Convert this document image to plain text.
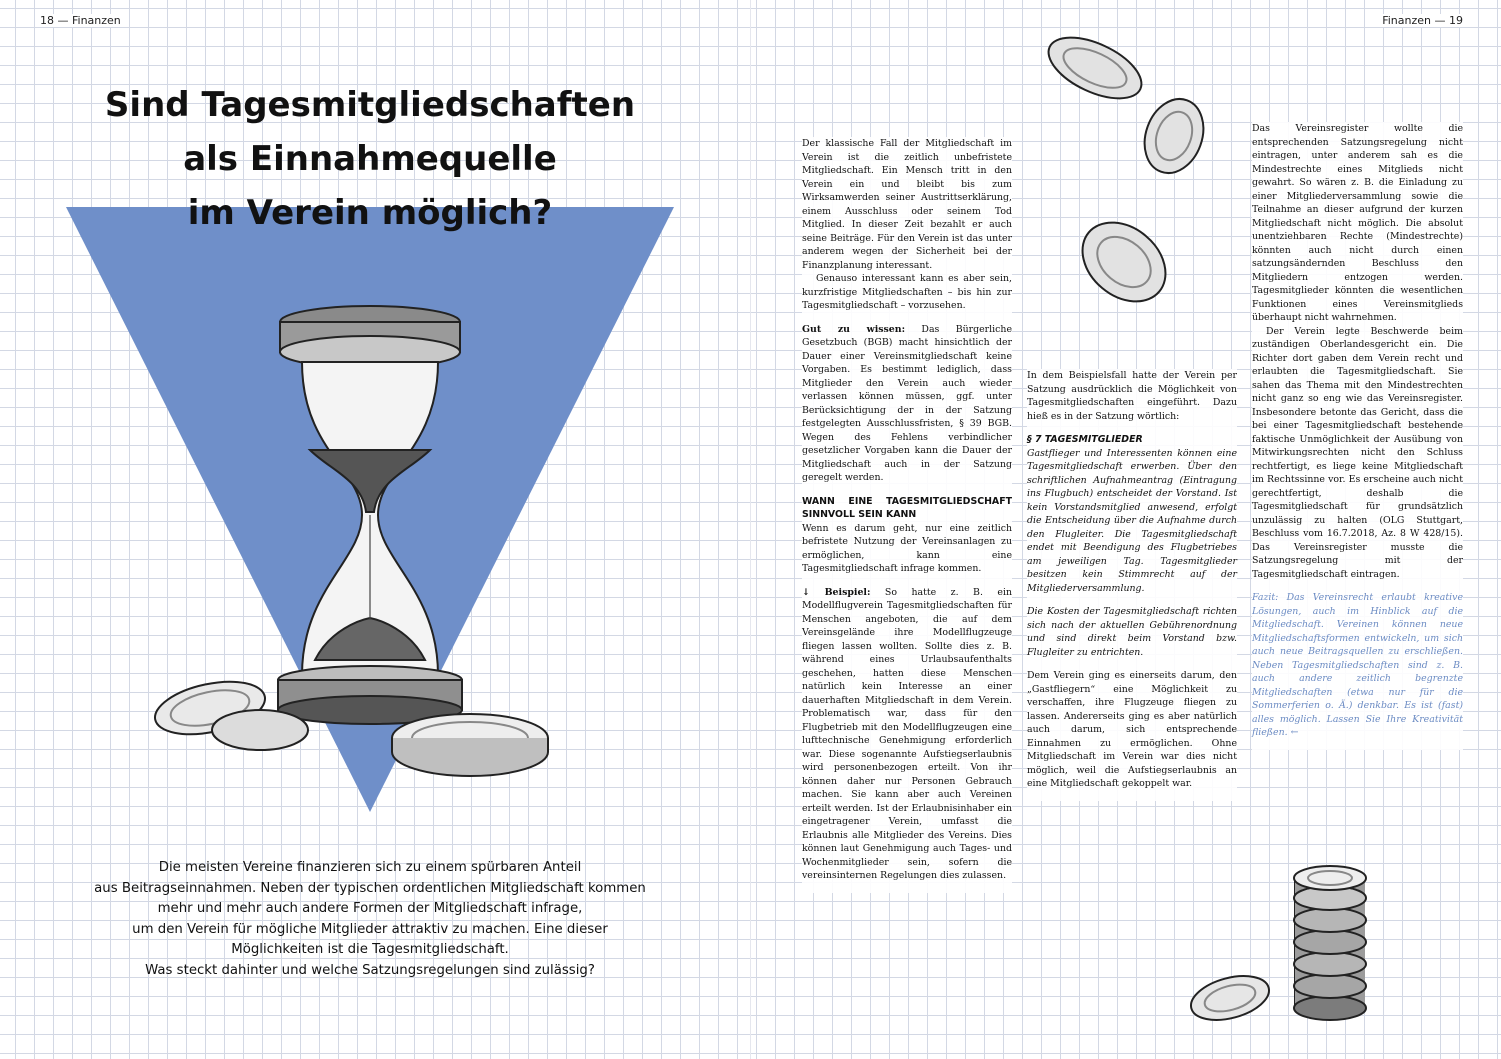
18 — Finanzen	Finanzen — 19
Sind Tagesmitgliedschaften
als Einnahmequelle
im Verein möglich?
Die meisten Vereine finanzieren sich zu einem spürbaren Anteil
aus Beitragseinnahmen. Neben der typischen ordentlichen Mitgliedschaft kommen
mehr und mehr auch andere Formen der Mitgliedschaft infrage,
um den Verein für mögliche Mitglieder attraktiv zu machen. Eine dieser
Möglichkeiten ist die Tagesmitgliedschaft.
Was steckt dahinter und welche Satzungsregelungen sind zulässig?

Der klassische Fall der Mitgliedschaft im Verein ist die zeitlich unbefristete Mitgliedschaft. Ein Mensch tritt in den Verein ein und bleibt bis zum Wirksamwerden seiner Austrittserklärung, einem Ausschluss oder seinem Tod Mitglied. In dieser Zeit bezahlt er auch seine Beiträge. Für den Verein ist das unter anderem wegen der Sicherheit bei der Finanzplanung interessant.

Genauso interessant kann es aber sein, kurzfristige Mitgliedschaften – bis hin zur Tagesmitgliedschaft – vorzusehen.

Gut zu wissen: Das Bürgerliche Gesetzbuch (BGB) macht hinsichtlich der Dauer einer Vereinsmitgliedschaft keine Vorgaben. Es bestimmt lediglich, dass Mitglieder den Verein auch wieder verlassen können müssen, ggf. unter Berücksichtigung der in der Satzung festgelegten Ausschlussfristen, § 39 BGB. Wegen des Fehlens verbindlicher gesetzlicher Vorgaben kann die Dauer der Mitgliedschaft auch in der Satzung geregelt werden.

WANN EINE TAGESMITGLIEDSCHAFT SINNVOLL SEIN KANN

Wenn es darum geht, nur eine zeitlich befristete Nutzung der Vereinsanlagen zu ermöglichen, kann eine Tagesmitgliedschaft infrage kommen.

↓ Beispiel: So hatte z. B. ein Modellflugverein Tagesmitgliedschaften für Menschen angeboten, die auf dem Vereinsgelände ihre Modellflugzeuge fliegen lassen wollten. Sollte dies z. B. während eines Urlaubsaufenthalts geschehen, hatten diese Menschen natürlich kein Interesse an einer dauerhaften Mitgliedschaft in dem Verein. Problematisch war, dass für den Flugbetrieb mit den Modellflugzeugen eine lufttechnische Genehmigung erforderlich war. Diese sogenannte Aufstiegserlaubnis wird personenbezogen erteilt. Von ihr können daher nur Personen Gebrauch machen. Sie kann aber auch Vereinen erteilt werden. Ist der Erlaubnisinhaber ein eingetragener Verein, umfasst die Erlaubnis alle Mitglieder des Vereins. Dies können laut Genehmigung auch Tages- und Wochenmitglieder sein, sofern die vereinsinternen Regelungen dies zulassen.

In dem Beispielsfall hatte der Verein per Satzung ausdrücklich die Möglichkeit von Tagesmitgliedschaften eingeführt. Dazu hieß es in der Satzung wörtlich:

§ 7 TAGESMITGLIEDER

Gastflieger und Interessenten können eine Tagesmitgliedschaft erwerben. Über den schriftlichen Aufnahmeantrag (Eintragung ins Flugbuch) entscheidet der Vorstand. Ist kein Vorstandsmitglied anwesend, erfolgt die Entscheidung über die Aufnahme durch den Flugleiter. Die Tagesmitgliedschaft endet mit Beendigung des Flugbetriebes am jeweiligen Tag. Tagesmitglieder besitzen kein Stimmrecht auf der Mitgliederversammlung.

Die Kosten der Tagesmitgliedschaft richten sich nach der aktuellen Gebührenordnung und sind direkt beim Vorstand bzw. Flugleiter zu entrichten.

Dem Verein ging es einerseits darum, den „Gastfliegern“ eine Möglichkeit zu verschaffen, ihre Flugzeuge fliegen zu lassen. Andererseits ging es aber natürlich auch darum, sich entsprechende Einnahmen zu ermöglichen. Ohne Mitgliedschaft im Verein war dies nicht möglich, weil die Aufstiegserlaubnis an eine Mitgliedschaft gekoppelt war.

Das Vereinsregister wollte die entsprechenden Satzungsregelung nicht eintragen, unter anderem sah es die Mindestrechte eines Mitglieds nicht gewahrt. So wären z. B. die Einladung zu einer Mitgliederversammlung sowie die Teilnahme an dieser aufgrund der kurzen Mitgliedschaft nicht möglich. Die absolut unentziehbaren Rechte (Mindestrechte) könnten auch nicht durch einen satzungsändernden Beschluss den Mitgliedern entzogen werden. Tagesmitglieder könnten die wesentlichen Funktionen eines Vereinsmitglieds überhaupt nicht wahrnehmen.

Der Verein legte Beschwerde beim zuständigen Oberlandesgericht ein. Die Richter dort gaben dem Verein recht und erlaubten die Tagesmitgliedschaft. Sie sahen das Thema mit den Mindestrechten nicht ganz so eng wie das Vereinsregister. Insbesondere betonte das Gericht, dass die bei einer Tagesmitgliedschaft bestehende faktische Unmöglichkeit der Ausübung von Mitwirkungsrechten nicht den Schluss rechtfertigt, es liege keine Mitgliedschaft im Rechtssinne vor. Es erscheine auch nicht gerechtfertigt, deshalb die Tagesmitgliedschaft für grundsätzlich unzulässig zu halten (OLG Stuttgart, Beschluss vom 16.7.2018, Az. 8 W 428/15). Das Vereinsregister musste die Satzungsregelung mit der Tagesmitgliedschaft eintragen.

Fazit: Das Vereinsrecht erlaubt kreative Lösungen, auch im Hinblick auf die Mitgliedschaft. Vereinen können neue Mitgliedschaftsformen entwickeln, um sich auch neue Beitragsquellen zu erschließen. Neben Tagesmitgliedschaften sind z. B. auch andere zeitlich begrenzte Mitgliedschaften (etwa nur für die Sommerferien o. Ä.) denkbar. Es ist (fast) alles möglich. Lassen Sie Ihre Kreativität fließen. ←
